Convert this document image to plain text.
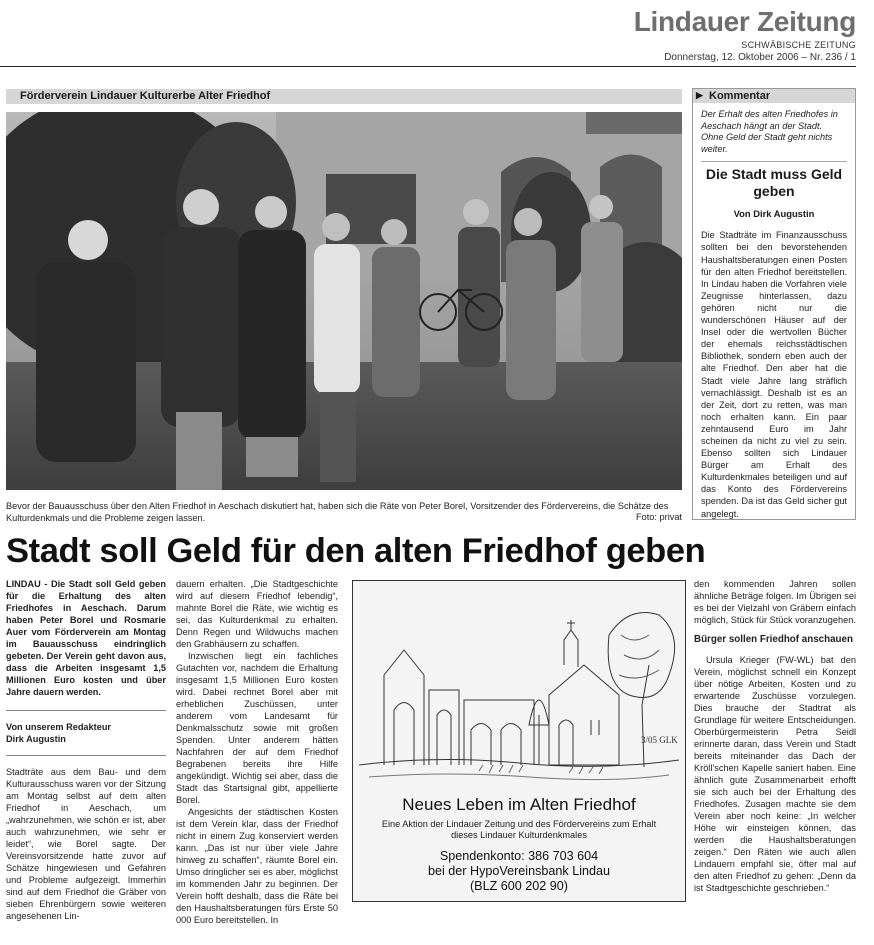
Lindauer Zeitung
SCHWÄBISCHE ZEITUNG
Donnerstag, 12. Oktober 2006 – Nr. 236 / 1
Förderverein Lindauer Kulturerbe Alter Friedhof
Bevor der Bauausschuss über den Alten Friedhof in Aeschach diskutiert hat, haben sich die Räte von Peter Borel, Vorsitzender des Fördervereins, die Schätze des Kulturdenkmals und die Probleme zeigen lassen.	Foto: privat
Stadt soll Geld für den alten Friedhof geben
▶ Kommentar
Der Erhalt des alten Friedhofes in Aeschach hängt an der Stadt. Ohne Geld der Stadt geht nichts weiter.
Die Stadt muss Geld geben
Von Dirk Augustin
Die Stadträte im Finanzausschuss sollten bei den bevorstehenden Haushaltsberatungen einen Posten für den alten Friedhof bereitstellen. In Lindau haben die Vorfahren viele Zeugnisse hinterlassen, dazu gehören nicht nur die wunderschönen Häuser auf der Insel oder die wertvollen Bücher der ehemals reichsstädtischen Bibliothek, sondern eben auch der alte Friedhof. Den aber hat die Stadt viele Jahre lang sträflich vernachlässigt. Deshalb ist es an der Zeit, dort zu retten, was man noch erhalten kann. Ein paar zehntausend Euro im Jahr scheinen da nicht zu viel zu sein. Ebenso sollten sich Lindauer Bürger am Erhalt des Kulturdenkmales beteiligen und auf das Konto des Fördervereins spenden. Da ist das Geld sicher gut angelegt.

LINDAU - Die Stadt soll Geld geben für die Erhaltung des alten Friedhofes in Aeschach. Darum haben Peter Borel und Rosmarie Auer vom Förderverein am Montag im Bauausschuss eindringlich gebeten. Der Verein geht davon aus, dass die Arbeiten insgesamt 1,5 Millionen Euro kosten und über Jahre dauern werden.

Von unserem Redakteur
Dirk Augustin

Stadträte aus dem Bau- und dem Kulturausschuss waren vor der Sitzung am Montag selbst auf dem alten Friedhof in Aeschach, um „wahrzunehmen, wie schön er ist, aber auch wahrzunehmen, wie sehr er leidet“, wie Borel sagte. Der Vereinsvorsitzende hatte zuvor auf Schätze hingewiesen und Gefahren und Probleme aufgezeigt. Immerhin sind auf dem Friedhof die Gräber von sieben Ehrenbürgern sowie weiteren angesehenen Lin-

dauern erhalten. „Die Stadtgeschichte wird auf diesem Friedhof lebendig“, mahnte Borel die Räte, wie wichtig es sei, das Kulturdenkmal zu erhalten. Denn Regen und Wildwuchs machen den Grabhäusern zu schaffen.

Inzwischen liegt ein fachliches Gutachten vor, nachdem die Erhaltung insgesamt 1,5 Millionen Euro kosten wird. Dabei rechnet Borel aber mit erheblichen Zuschüssen, unter anderem vom Landesamt für Denkmalsschutz sowie mit großen Spenden. Unter anderem hätten Nachfahren der auf dem Friedhof Begrabenen bereits ihre Hilfe angekündigt. Wichtig sei aber, dass die Stadt das Startsignal gibt, appellierte Borel.

Angesichts der städtischen Kosten ist dem Verein klar, dass der Friedhof nicht in einem Zug konserviert werden kann. „Das ist nur über viele Jahre hinweg zu schaffen“, räumte Borel ein. Umso dringlicher sei es aber, möglichst im kommenden Jahr zu beginnen. Der Verein hofft deshalb, dass die Räte bei den Haushaltsberatungen fürs Erste 50 000 Euro bereitstellen. In

3/05 GLK
Neues Leben im Alten Friedhof
Eine Aktion der Lindauer Zeitung und des Fördervereins zum Erhalt dieses Lindauer Kulturdenkmales
Spendenkonto: 386 703 604
bei der HypoVereinsbank Lindau
(BLZ 600 202 90)

den kommenden Jahren sollen ähnliche Beträge folgen. Im Übrigen sei es bei der Vielzahl von Gräbern einfach möglich, Stück für Stück voranzugehen.

Bürger sollen Friedhof anschauen

Ursula Krieger (FW-WL) bat den Verein, möglichst schnell ein Konzept über nötige Arbeiten, Kosten und zu erwartende Zuschüsse vorzulegen. Dies brauche der Stadtrat als Grundlage für weitere Entscheidungen. Oberbürgermeisterin Petra Seidl erinnerte daran, dass Verein und Stadt bereits miteinander das Dach der Kröll’schen Kapelle saniert haben. Eine ähnlich gute Zusammenarbeit erhofft sie sich auch bei der Erhaltung des Friedhofes. Zusagen machte sie dem Verein aber noch keine: „In welcher Höhe wir einsteigen können, das werden die Haushaltsberatungen zeigen.“ Den Räten wie auch allen Lindauern empfahl sie, öfter mal auf den alten Friedhof zu gehen: „Denn da ist Stadtgeschichte geschrieben.“
